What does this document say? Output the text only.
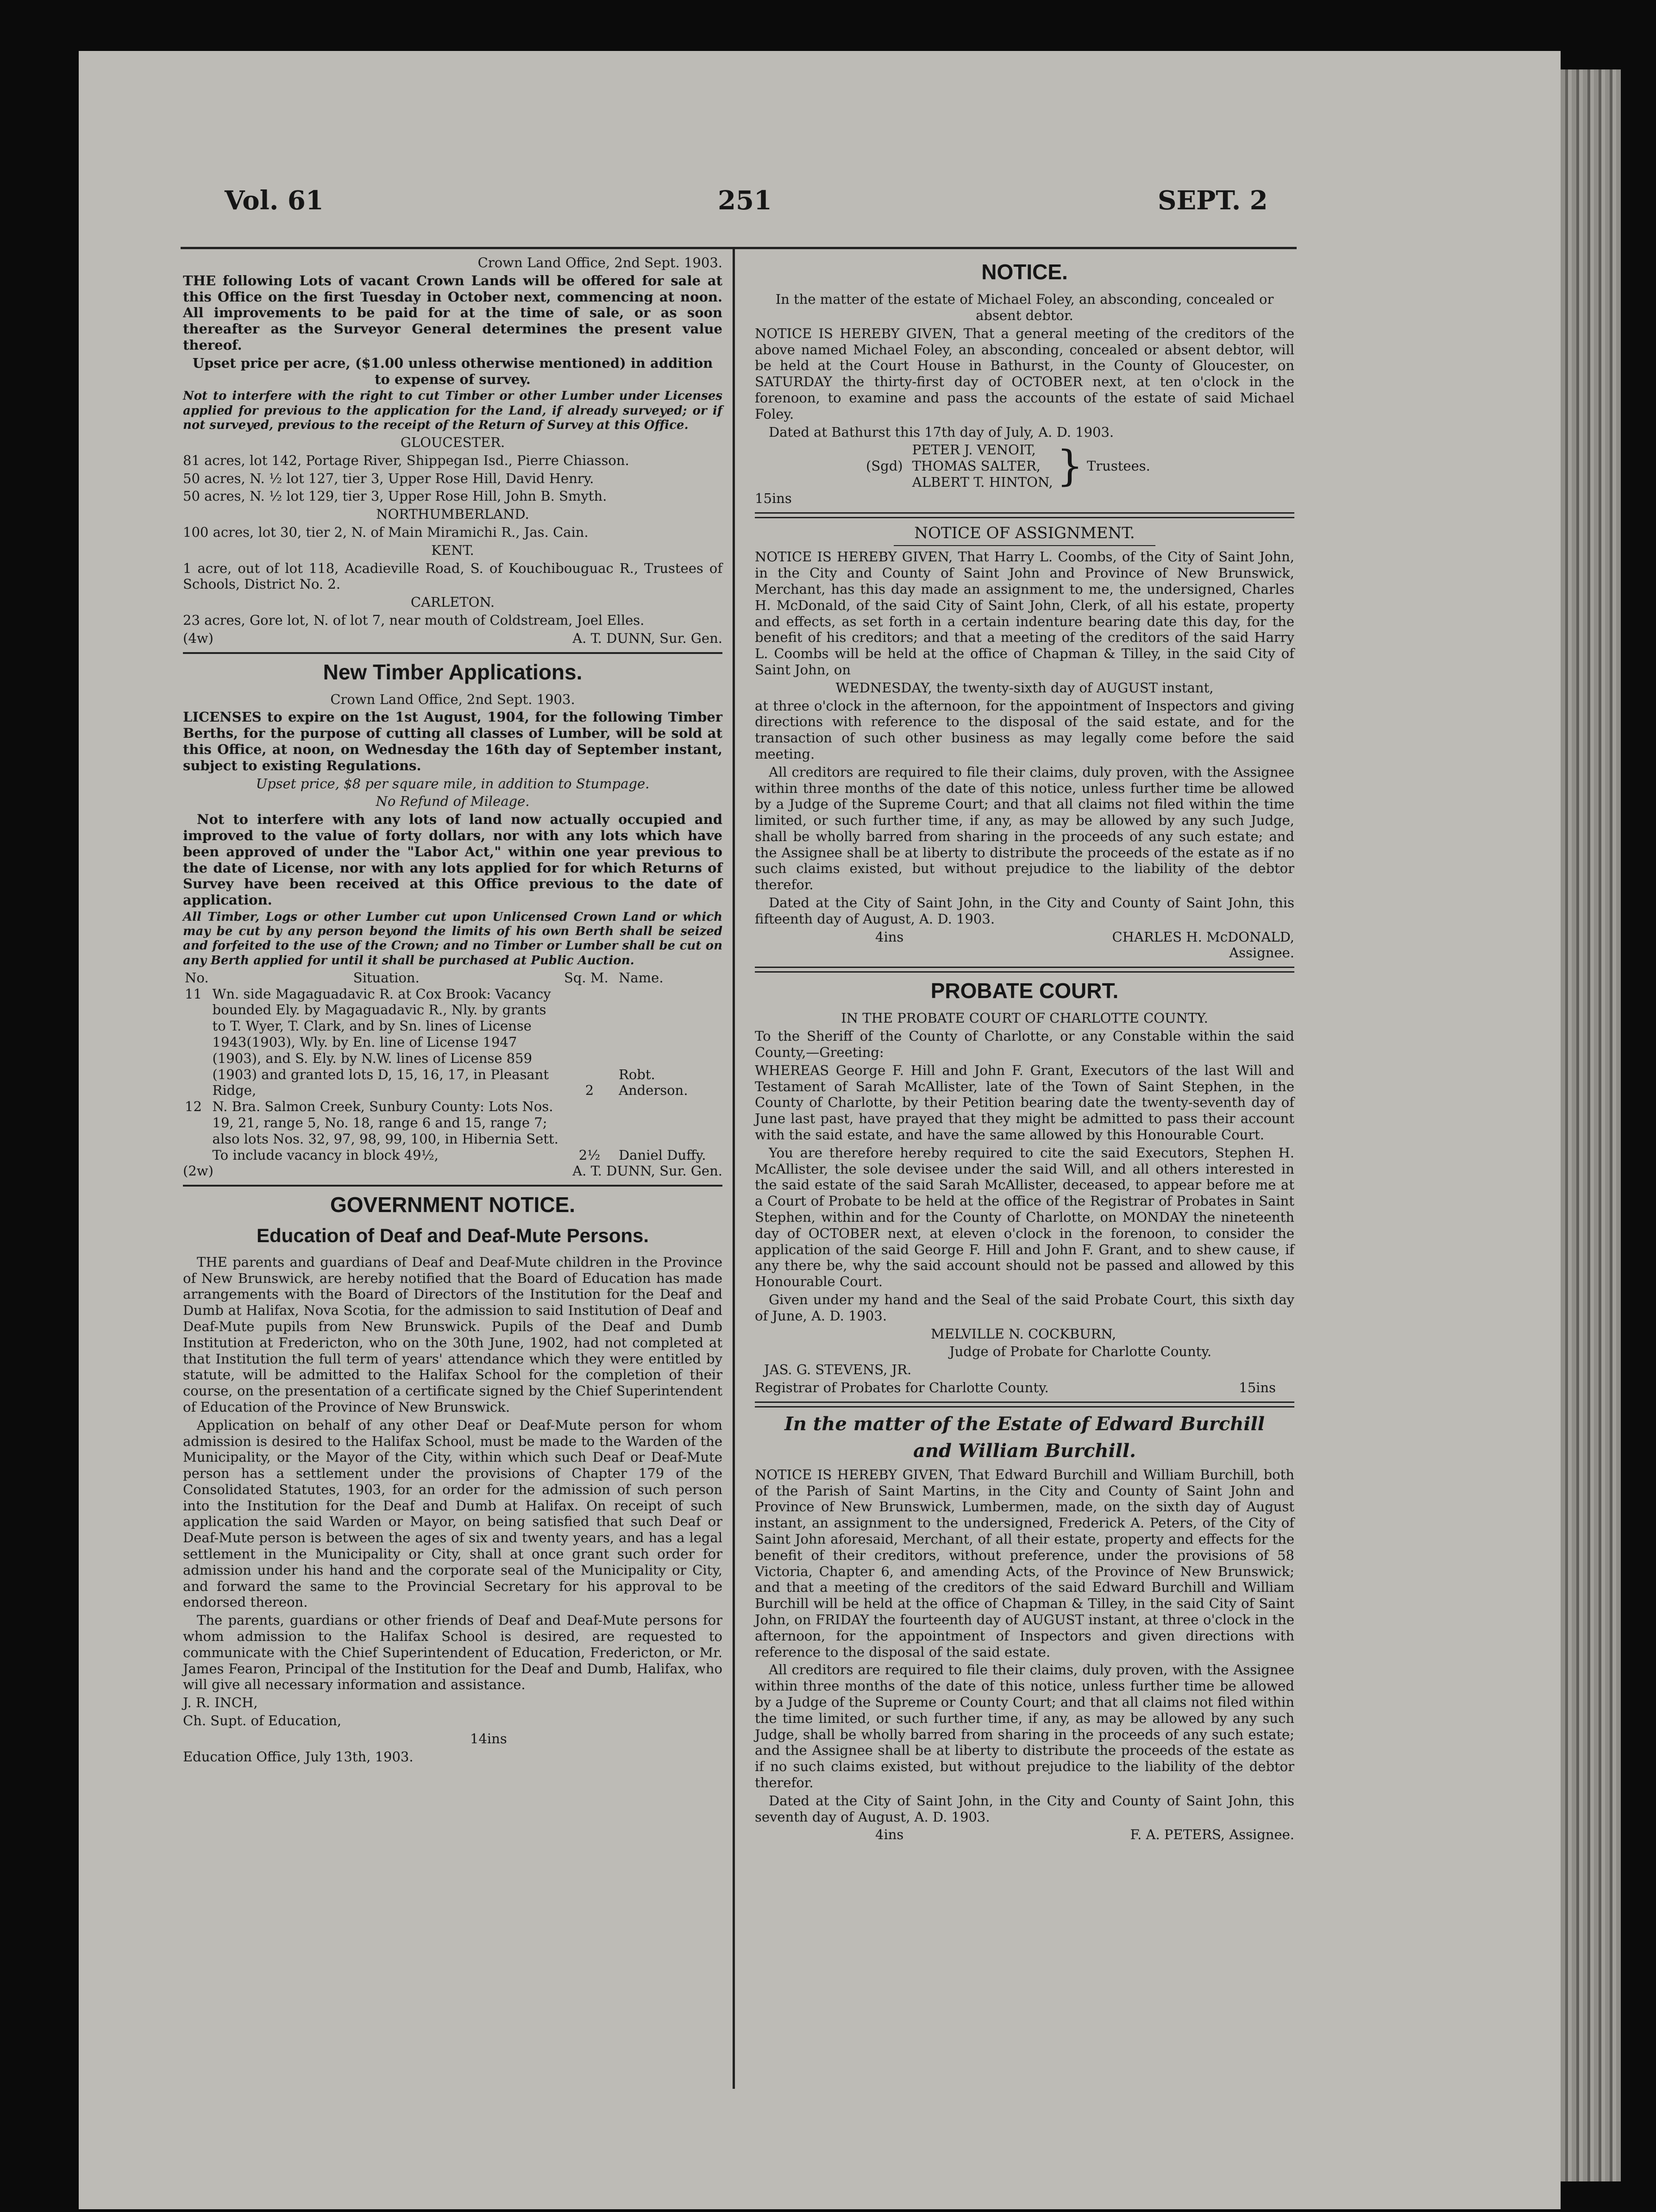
Vol. 61	251	SEPT. 2

Crown Land Office, 2nd Sept. 1903.

THE following Lots of vacant Crown Lands will be offered for sale at this Office on the first Tuesday in October next, commencing at noon. All improvements to be paid for at the time of sale, or as soon thereafter as the Surveyor General determines the present value thereof.

Upset price per acre, ($1.00 unless otherwise mentioned) in addition to expense of survey.

Not to interfere with the right to cut Timber or other Lumber under Licenses applied for previous to the application for the Land, if already surveyed; or if not surveyed, previous to the receipt of the Return of Survey at this Office.

GLOUCESTER.

81 acres, lot 142, Portage River, Shippegan Isd., Pierre Chiasson.

50 acres, N. ½ lot 127, tier 3, Upper Rose Hill, David Henry.

50 acres, N. ½ lot 129, tier 3, Upper Rose Hill, John B. Smyth.

NORTHUMBERLAND.

100 acres, lot 30, tier 2, N. of Main Miramichi R., Jas. Cain.

KENT.

1 acre, out of lot 118, Acadieville Road, S. of Kouchibouguac R., Trustees of Schools, District No. 2.

CARLETON.

23 acres, Gore lot, N. of lot 7, near mouth of Coldstream, Joel Elles.

(4w)	A. T. DUNN, Sur. Gen.
New Timber Applications.

Crown Land Office, 2nd Sept. 1903.

LICENSES to expire on the 1st August, 1904, for the following Timber Berths, for the purpose of cutting all classes of Lumber, will be sold at this Office, at noon, on Wednesday the 16th day of September instant, subject to existing Regulations.

Upset price, $8 per square mile, in addition to Stumpage.

No Refund of Mileage.

Not to interfere with any lots of land now actually occupied and improved to the value of forty dollars, nor with any lots which have been approved of under the "Labor Act," within one year previous to the date of License, nor with any lots applied for for which Returns of Survey have been received at this Office previous to the date of application.

All Timber, Logs or other Lumber cut upon Unlicensed Crown Land or which may be cut by any person beyond the limits of his own Berth shall be seized and forfeited to the use of the Crown; and no Timber or Lumber shall be cut on any Berth applied for until it shall be purchased at Public Auction.

No.	Situation.	Sq. M.	Name.
11	Wn. side Magaguadavic R. at Cox Brook: Vacancy bounded Ely. by Magaguadavic R., Nly. by grants to T. Wyer, T. Clark, and by Sn. lines of License 1943(1903), Wly. by En. line of License 1947 (1903), and S. Ely. by N.W. lines of License 859 (1903) and granted lots D, 15, 16, 17, in Pleasant Ridge,	2	Robt. Anderson.
12	N. Bra. Salmon Creek, Sunbury County: Lots Nos. 19, 21, range 5, No. 18, range 6 and 15, range 7; also lots Nos. 32, 97, 98, 99, 100, in Hibernia Sett. To include vacancy in block 49½,	2½	Daniel Duffy.
(2w)	A. T. DUNN, Sur. Gen.
GOVERNMENT NOTICE.
Education of Deaf and Deaf-Mute Persons.

THE parents and guardians of Deaf and Deaf-Mute children in the Province of New Brunswick, are hereby notified that the Board of Education has made arrangements with the Board of Directors of the Institution for the Deaf and Dumb at Halifax, Nova Scotia, for the admission to said Institution of Deaf and Deaf-Mute pupils from New Brunswick. Pupils of the Deaf and Dumb Institution at Fredericton, who on the 30th June, 1902, had not completed at that Institution the full term of years' attendance which they were entitled by statute, will be admitted to the Halifax School for the completion of their course, on the presentation of a certificate signed by the Chief Superintendent of Education of the Province of New Brunswick.

Application on behalf of any other Deaf or Deaf-Mute person for whom admission is desired to the Halifax School, must be made to the Warden of the Municipality, or the Mayor of the City, within which such Deaf or Deaf-Mute person has a settlement under the provisions of Chapter 179 of the Consolidated Statutes, 1903, for an order for the admission of such person into the Institution for the Deaf and Dumb at Halifax. On receipt of such application the said Warden or Mayor, on being satisfied that such Deaf or Deaf-Mute person is between the ages of six and twenty years, and has a legal settlement in the Municipality or City, shall at once grant such order for admission under his hand and the corporate seal of the Municipality or City, and forward the same to the Provincial Secretary for his approval to be endorsed thereon.

The parents, guardians or other friends of Deaf and Deaf-Mute persons for whom admission to the Halifax School is desired, are requested to communicate with the Chief Superintendent of Education, Fredericton, or Mr. James Fearon, Principal of the Institution for the Deaf and Dumb, Halifax, who will give all necessary information and assistance.

J. R. INCH,

Ch. Supt. of Education,

14ins

Education Office, July 13th, 1903.

NOTICE.

In the matter of the estate of Michael Foley, an absconding, concealed or absent debtor.

NOTICE IS HEREBY GIVEN, That a general meeting of the creditors of the above named Michael Foley, an absconding, concealed or absent debtor, will be held at the Court House in Bathurst, in the County of Gloucester, on SATURDAY the thirty-first day of OCTOBER next, at ten o'clock in the forenoon, to examine and pass the accounts of the estate of said Michael Foley.

Dated at Bathurst this 17th day of July, A. D. 1903.

(Sgd)
PETER J. VENOIT,
THOMAS SALTER,
ALBERT T. HINTON, } Trustees.

15ins

NOTICE OF ASSIGNMENT.

NOTICE IS HEREBY GIVEN, That Harry L. Coombs, of the City of Saint John, in the City and County of Saint John and Province of New Brunswick, Merchant, has this day made an assignment to me, the undersigned, Charles H. McDonald, of the said City of Saint John, Clerk, of all his estate, property and effects, as set forth in a certain indenture bearing date this day, for the benefit of his creditors; and that a meeting of the creditors of the said Harry L. Coombs will be held at the office of Chapman & Tilley, in the said City of Saint John, on

WEDNESDAY, the twenty-sixth day of AUGUST instant,

at three o'clock in the afternoon, for the appointment of Inspectors and giving directions with reference to the disposal of the said estate, and for the transaction of such other business as may legally come before the said meeting.

All creditors are required to file their claims, duly proven, with the Assignee within three months of the date of this notice, unless further time be allowed by a Judge of the Supreme Court; and that all claims not filed within the time limited, or such further time, if any, as may be allowed by any such Judge, shall be wholly barred from sharing in the proceeds of any such estate; and the Assignee shall be at liberty to distribute the proceeds of the estate as if no such claims existed, but without prejudice to the liability of the debtor therefor.

Dated at the City of Saint John, in the City and County of Saint John, this fifteenth day of August, A. D. 1903.

4ins	CHARLES H. McDONALD,

Assignee.

PROBATE COURT.

IN THE PROBATE COURT OF CHARLOTTE COUNTY.

To the Sheriff of the County of Charlotte, or any Constable within the said County,—Greeting:

WHEREAS George F. Hill and John F. Grant, Executors of the last Will and Testament of Sarah McAllister, late of the Town of Saint Stephen, in the County of Charlotte, by their Petition bearing date the twenty-seventh day of June last past, have prayed that they might be admitted to pass their account with the said estate, and have the same allowed by this Honourable Court.

You are therefore hereby required to cite the said Executors, Stephen H. McAllister, the sole devisee under the said Will, and all others interested in the said estate of the said Sarah McAllister, deceased, to appear before me at a Court of Probate to be held at the office of the Registrar of Probates in Saint Stephen, within and for the County of Charlotte, on MONDAY the nineteenth day of OCTOBER next, at eleven o'clock in the forenoon, to consider the application of the said George F. Hill and John F. Grant, and to shew cause, if any there be, why the said account should not be passed and allowed by this Honourable Court.

Given under my hand and the Seal of the said Probate Court, this sixth day of June, A. D. 1903.

MELVILLE N. COCKBURN,

Judge of Probate for Charlotte County.

JAS. G. STEVENS, JR.

Registrar of Probates for Charlotte County.	15ins
In the matter of the Estate of Edward Burchill
and William Burchill.

NOTICE IS HEREBY GIVEN, That Edward Burchill and William Burchill, both of the Parish of Saint Martins, in the City and County of Saint John and Province of New Brunswick, Lumbermen, made, on the sixth day of August instant, an assignment to the undersigned, Frederick A. Peters, of the City of Saint John aforesaid, Merchant, of all their estate, property and effects for the benefit of their creditors, without preference, under the provisions of 58 Victoria, Chapter 6, and amending Acts, of the Province of New Brunswick; and that a meeting of the creditors of the said Edward Burchill and William Burchill will be held at the office of Chapman & Tilley, in the said City of Saint John, on FRIDAY the fourteenth day of AUGUST instant, at three o'clock in the afternoon, for the appointment of Inspectors and given directions with reference to the disposal of the said estate.

All creditors are required to file their claims, duly proven, with the Assignee within three months of the date of this notice, unless further time be allowed by a Judge of the Supreme or County Court; and that all claims not filed within the time limited, or such further time, if any, as may be allowed by any such Judge, shall be wholly barred from sharing in the proceeds of any such estate; and the Assignee shall be at liberty to distribute the proceeds of the estate as if no such claims existed, but without prejudice to the liability of the debtor therefor.

Dated at the City of Saint John, in the City and County of Saint John, this seventh day of August, A. D. 1903.

4ins	F. A. PETERS, Assignee.
